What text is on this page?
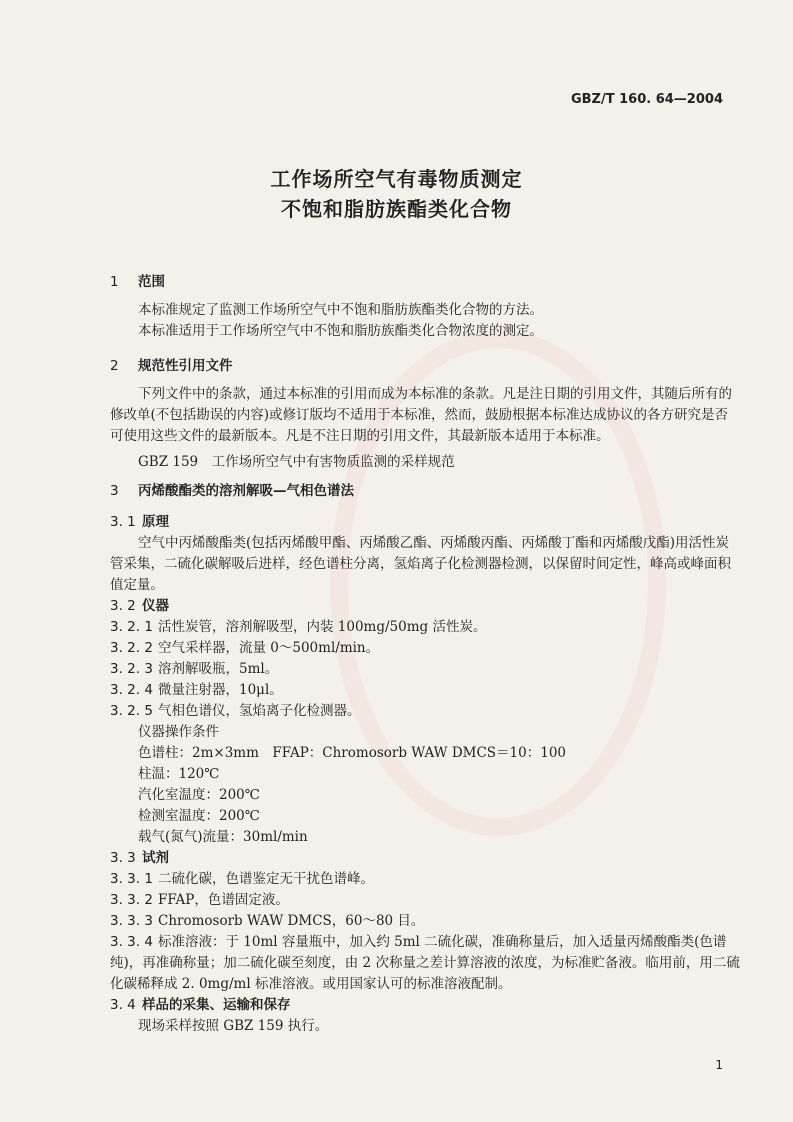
GBZ/T 160. 64—2004
工作场所空气有毒物质测定
不饱和脂肪族酯类化合物
1 范围

本标准规定了监测工作场所空气中不饱和脂肪族酯类化合物的方法。

本标准适用于工作场所空气中不饱和脂肪族酯类化合物浓度的测定。

2 规范性引用文件

下列文件中的条款，通过本标准的引用而成为本标准的条款。凡是注日期的引用文件，其随后所有的修改单(不包括勘误的内容)或修订版均不适用于本标准，然而，鼓励根据本标准达成协议的各方研究是否可使用这些文件的最新版本。凡是不注日期的引用文件，其最新版本适用于本标准。

GBZ 159　工作场所空气中有害物质监测的采样规范

3 丙烯酸酯类的溶剂解吸—气相色谱法
3. 1 原理

空气中丙烯酸酯类(包括丙烯酸甲酯、丙烯酸乙酯、丙烯酸丙酯、丙烯酸丁酯和丙烯酸戊酯)用活性炭管采集，二硫化碳解吸后进样，经色谱柱分离，氢焰离子化检测器检测，以保留时间定性，峰高或峰面积值定量。

3. 2 仪器
3. 2. 1 活性炭管，溶剂解吸型，内装 100mg/50mg 活性炭。
3. 2. 2 空气采样器，流量 0～500ml/min。
3. 2. 3 溶剂解吸瓶，5ml。
3. 2. 4 微量注射器，10μl。
3. 2. 5 气相色谱仪，氢焰离子化检测器。
仪器操作条件
色谱柱：2m×3mm　FFAP：Chromosorb WAW DMCS＝10：100
柱温：120℃
汽化室温度：200℃
检测室温度：200℃
载气(氮气)流量：30ml/min
3. 3 试剂
3. 3. 1 二硫化碳，色谱鉴定无干扰色谱峰。
3. 3. 2 FFAP，色谱固定液。
3. 3. 3 Chromosorb WAW DMCS，60～80 目。
3. 3. 4 标准溶液：于 10ml 容量瓶中，加入约 5ml 二硫化碳，准确称量后，加入适量丙烯酸酯类(色谱纯)，再准确称量；加二硫化碳至刻度，由 2 次称量之差计算溶液的浓度，为标准贮备液。临用前，用二硫化碳稀释成 2. 0mg/ml 标准溶液。或用国家认可的标准溶液配制。
3. 4 样品的采集、运输和保存

现场采样按照 GBZ 159 执行。

1
